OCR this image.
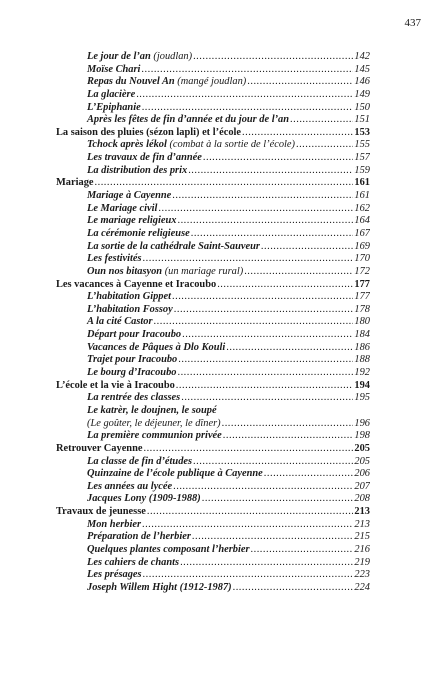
437
Le jour de l’an (joudlan) .....	142
Moïse Chari .....	145
Repas du Nouvel An (mangé joudlan) .....	146
La glacière .....	149
L’Epiphanie .....	150
Après les fêtes de fin d’année et du jour de l’an .....	151
La saison des pluies (sézon lapli) et l’école .....	153
Tchock après lékol (combat à la sortie de l’école) .....	155
Les travaux de fin d’année .....	157
La distribution des prix .....	159
Mariage .....	161
Mariage à Cayenne .....	161
Le Mariage civil .....	162
Le mariage religieux .....	164
La cérémonie religieuse .....	167
La sortie de la cathédrale Saint-Sauveur .....	169
Les festivités .....	170
Oun nos bitasyon (un mariage rural) .....	172
Les vacances à Cayenne et Iracoubo .....	177
L’habitation Gippet .....	177
L’habitation Fossoy .....	178
A la cité Castor .....	180
Départ pour Iracoubo .....	184
Vacances de Pâques à Dlo Kouli .....	186
Trajet pour Iracoubo .....	188
Le bourg d’Iracoubo .....	192
L’école et la vie à Iracoubo .....	194
La rentrée des classes .....	195
Le katrèr, le doujnen, le soupé
(Le goûter, le déjeuner, le dîner) .....	196
La première communion privée .....	198
Retrouver Cayenne .....	205
La classe de fin d’études .....	205
Quinzaine de l’école publique à Cayenne .....	206
Les années au lycée .....	207
Jacques Lony (1909-1988) .....	208
Travaux de jeunesse .....	213
Mon herbier .....	213
Préparation de l’herbier .....	215
Quelques plantes composant l’herbier .....	216
Les cahiers de chants .....	219
Les présages .....	223
Joseph Willem Hight (1912-1987) .....	224
